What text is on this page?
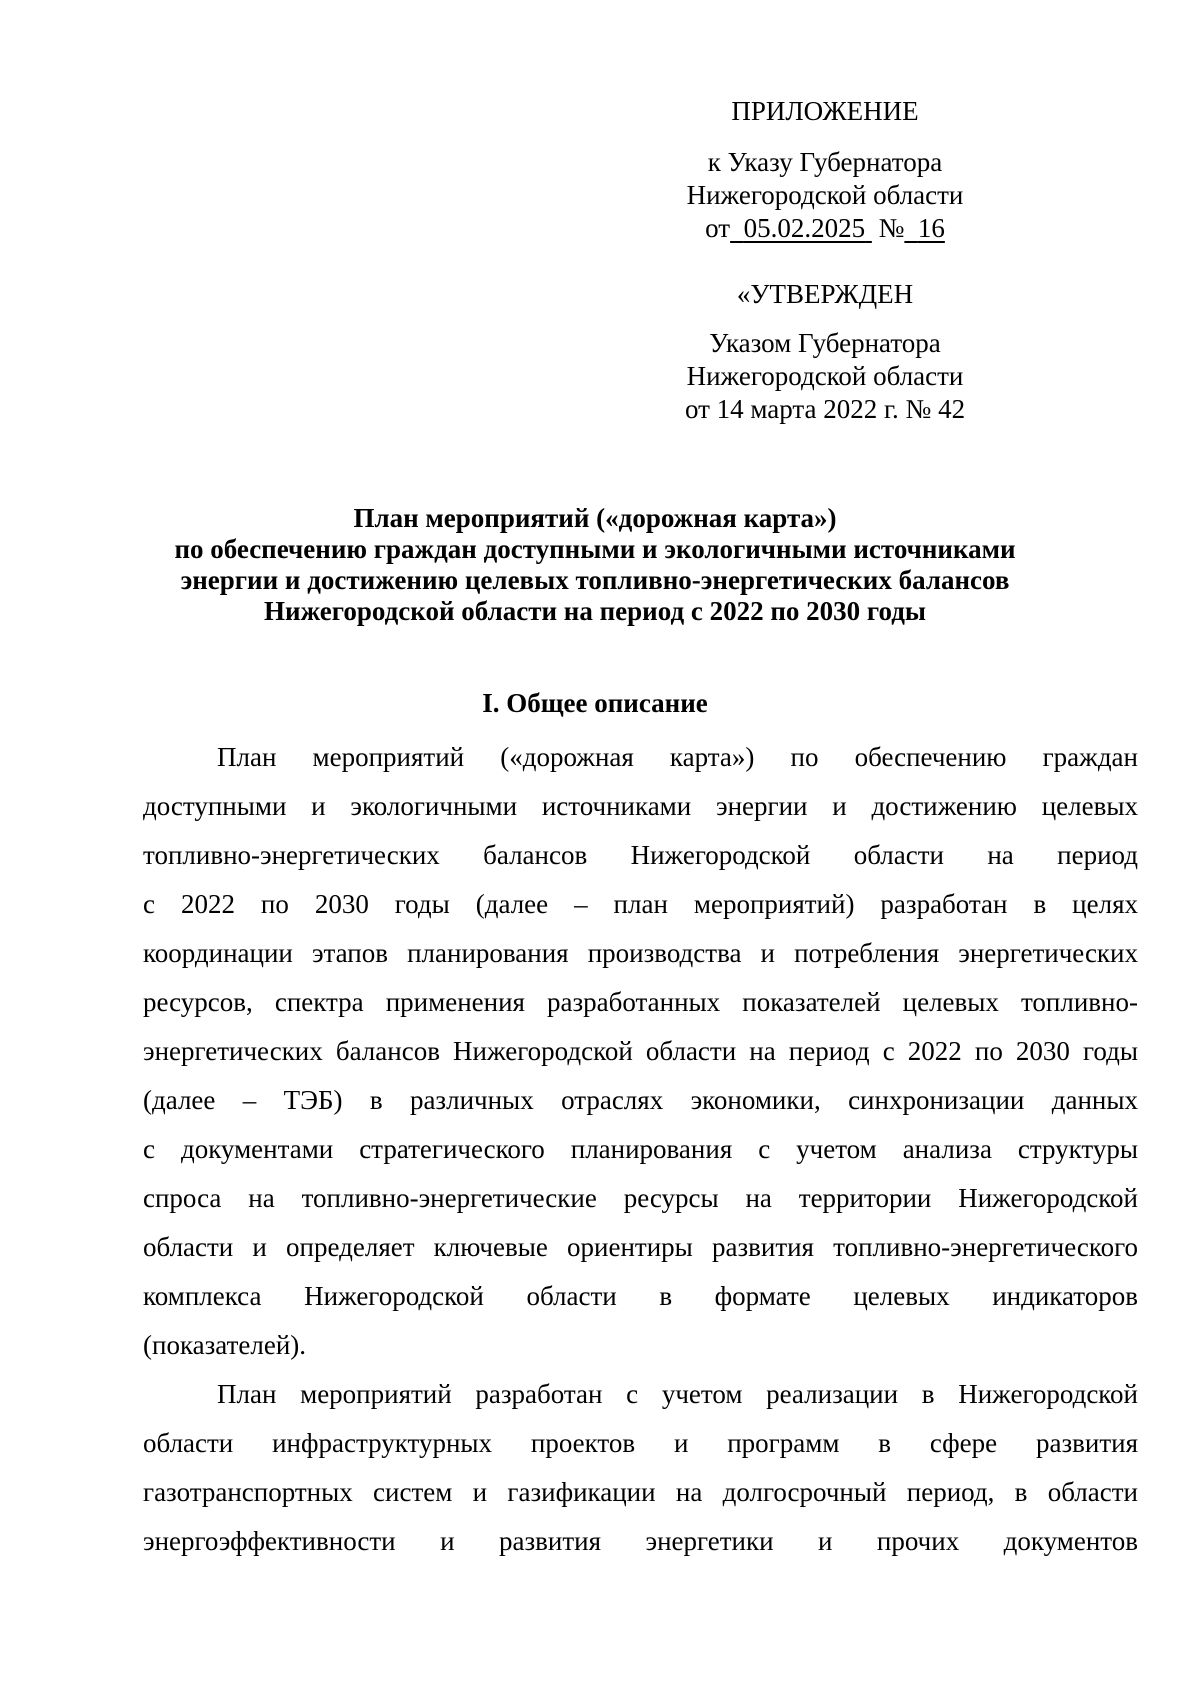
ПРИЛОЖЕНИЕ
к Указу Губернатора
Нижегородской области
от 05.02.2025 № 16
«УТВЕРЖДЕН
Указом Губернатора
Нижегородской области
от 14 марта 2022 г. № 42
План мероприятий («дорожная карта»)
по обеспечению граждан доступными и экологичными источниками
энергии и достижению целевых топливно-энергетических балансов
Нижегородской области на период с 2022 по 2030 годы
I. Общее описание
План мероприятий («дорожная карта») по обеспечению граждан
доступными и экологичными источниками энергии и достижению целевых
топливно-энергетических балансов Нижегородской области на период
с 2022 по 2030 годы (далее – план мероприятий) разработан в целях
координации этапов планирования производства и потребления энергетических
ресурсов, спектра применения разработанных показателей целевых топливно-
энергетических балансов Нижегородской области на период с 2022 по 2030 годы
(далее – ТЭБ) в различных отраслях экономики, синхронизации данных
с документами стратегического планирования с учетом анализа структуры
спроса на топливно-энергетические ресурсы на территории Нижегородской
области и определяет ключевые ориентиры развития топливно-энергетического
комплекса Нижегородской области в формате целевых индикаторов
(показателей).
План мероприятий разработан с учетом реализации в Нижегородской
области инфраструктурных проектов и программ в сфере развития
газотранспортных систем и газификации на долгосрочный период, в области
энергоэффективности и развития энергетики и прочих документов
